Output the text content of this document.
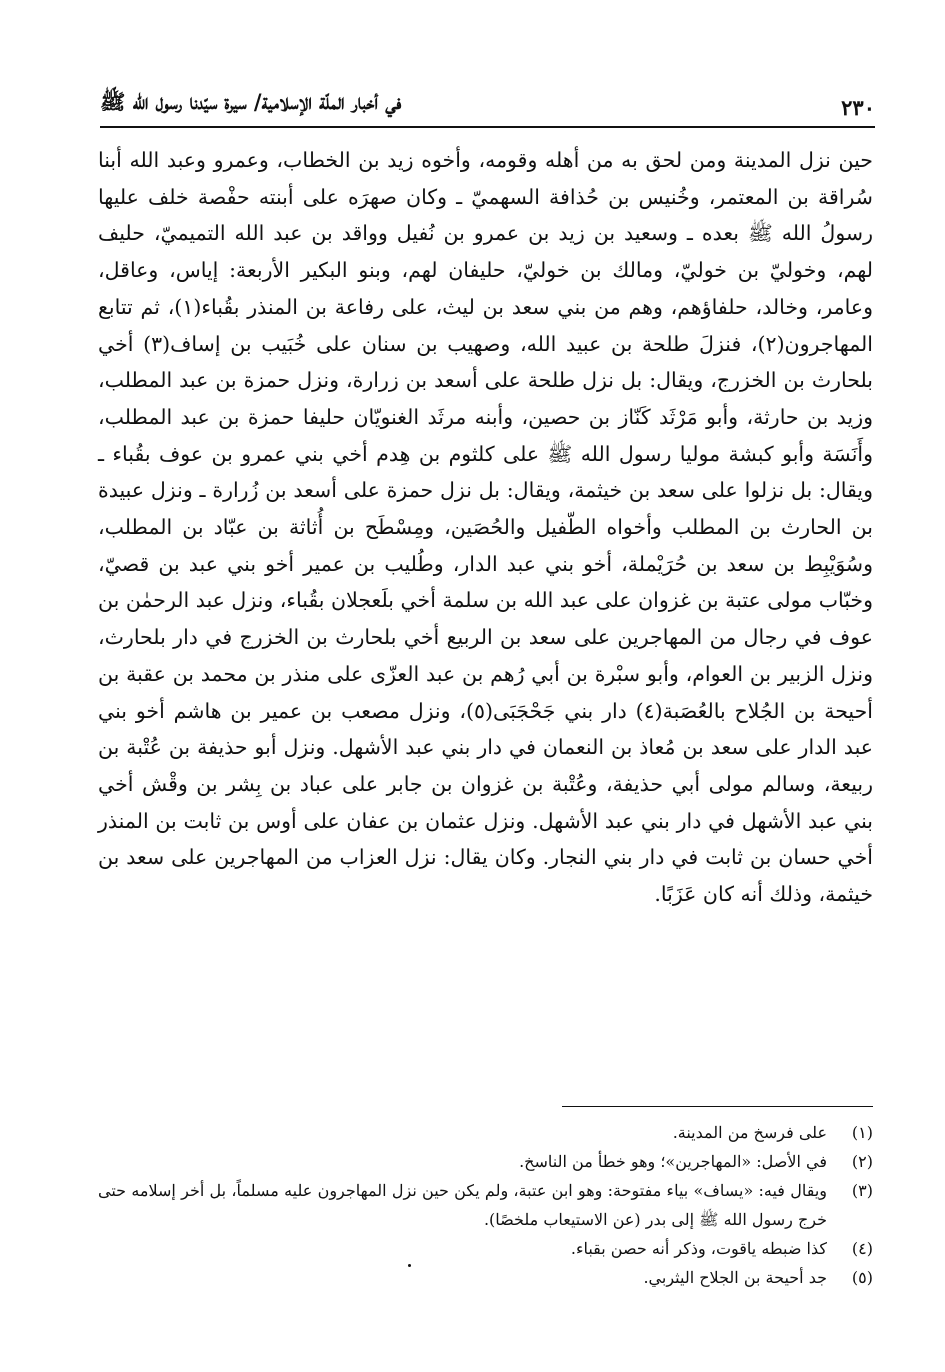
٢٣٠
في أخبار الملّة الإسلامية/ سيرة سيّدنا رسول الله ﷺ

حين نزل المدينة ومن لحق به من أهله وقومه، وأخوه زيد بن الخطاب، وعمرو وعبد الله أبنا سُراقة بن المعتمر، وخُنيس بن حُذافة السهميّ ـ وكان صهرَه على أبنته حفْصة خلف عليها رسولُ الله ﷺ بعده ـ وسعيد بن زيد بن عمرو بن نُفيل وواقد بن عبد الله التميميّ، حليف لهم، وخوليّ بن خوليّ، ومالك بن خوليّ، حليفان لهم، وبنو البكير الأربعة: إياس، وعاقل، وعامر، وخالد، حلفاؤهم، وهم من بني سعد بن ليث، على رفاعة بن المنذر بقُباء(١)، ثم تتابع المهاجرون(٢)، فنزلَ طلحة بن عبيد الله، وصهيب بن سنان على خُبَيب بن إساف(٣) أخي بلحارث بن الخزرج، ويقال: بل نزل طلحة على أسعد بن زرارة، ونزل حمزة بن عبد المطلب، وزيد بن حارثة، وأبو مَرْثَد كَنّاز بن حصين، وأبنه مرثَد الغنويّان حليفا حمزة بن عبد المطلب، وأَنَسَة وأبو كبشة موليا رسول الله ﷺ على كلثوم بن هِدم أخي بني عمرو بن عوف بقُباء ـ ويقال: بل نزلوا على سعد بن خيثمة، ويقال: بل نزل حمزة على أسعد بن زُرارة ـ ونزل عبيدة بن الحارث بن المطلب وأخواه الطّفيل والحُصَين، ومِسْطَح بن أُثاثة بن عبّاد بن المطلب، وسُوَيْبِط بن سعد بن حُرَيْملة، أخو بني عبد الدار، وطُليب بن عمير أخو بني عبد بن قصيّ، وخبّاب مولى عتبة بن غزوان على عبد الله بن سلمة أخي بلَعجلان بقُباء، ونزل عبد الرحمٰن بن عوف في رجال من المهاجرين على سعد بن الربيع أخي بلحارث بن الخزرج في دار بلحارث، ونزل الزبير بن العوام، وأبو سبْرة بن أبي رُهم بن عبد العزّى على منذر بن محمد بن عقبة بن أحيحة بن الجُلاح بالعُصَبة(٤) دار بني جَحْجَبَى(٥)، ونزل مصعب بن عمير بن هاشم أخو بني عبد الدار على سعد بن مُعاذ بن النعمان في دار بني عبد الأشهل. ونزل أبو حذيفة بن عُتْبة بن ربيعة، وسالم مولى أبي حذيفة، وعُتْبة بن غزوان بن جابر على عباد بن بِشر بن وقْش أخي بني عبد الأشهل في دار بني عبد الأشهل. ونزل عثمان بن عفان على أوس بن ثابت بن المنذر أخي حسان بن ثابت في دار بني النجار. وكان يقال: نزل العزاب من المهاجرين على سعد بن خيثمة، وذلك أنه كان عَزَبًا.

(١)
على فرسخ من المدينة.
(٢)
في الأصل: «المهاجرين»؛ وهو خطأ من الناسخ.
(٣)
ويقال فيه: «يساف» بياء مفتوحة: وهو ابن عتبة، ولم يكن حين نزل المهاجرون عليه مسلماً، بل أخر إسلامه حتى خرج رسول الله ﷺ إلى بدر (عن الاستيعاب ملخصًا).
(٤)
كذا ضبطه ياقوت، وذكر أنه حصن بقباء.
(٥)
جد أحيحة بن الجلاح اليثربي.
